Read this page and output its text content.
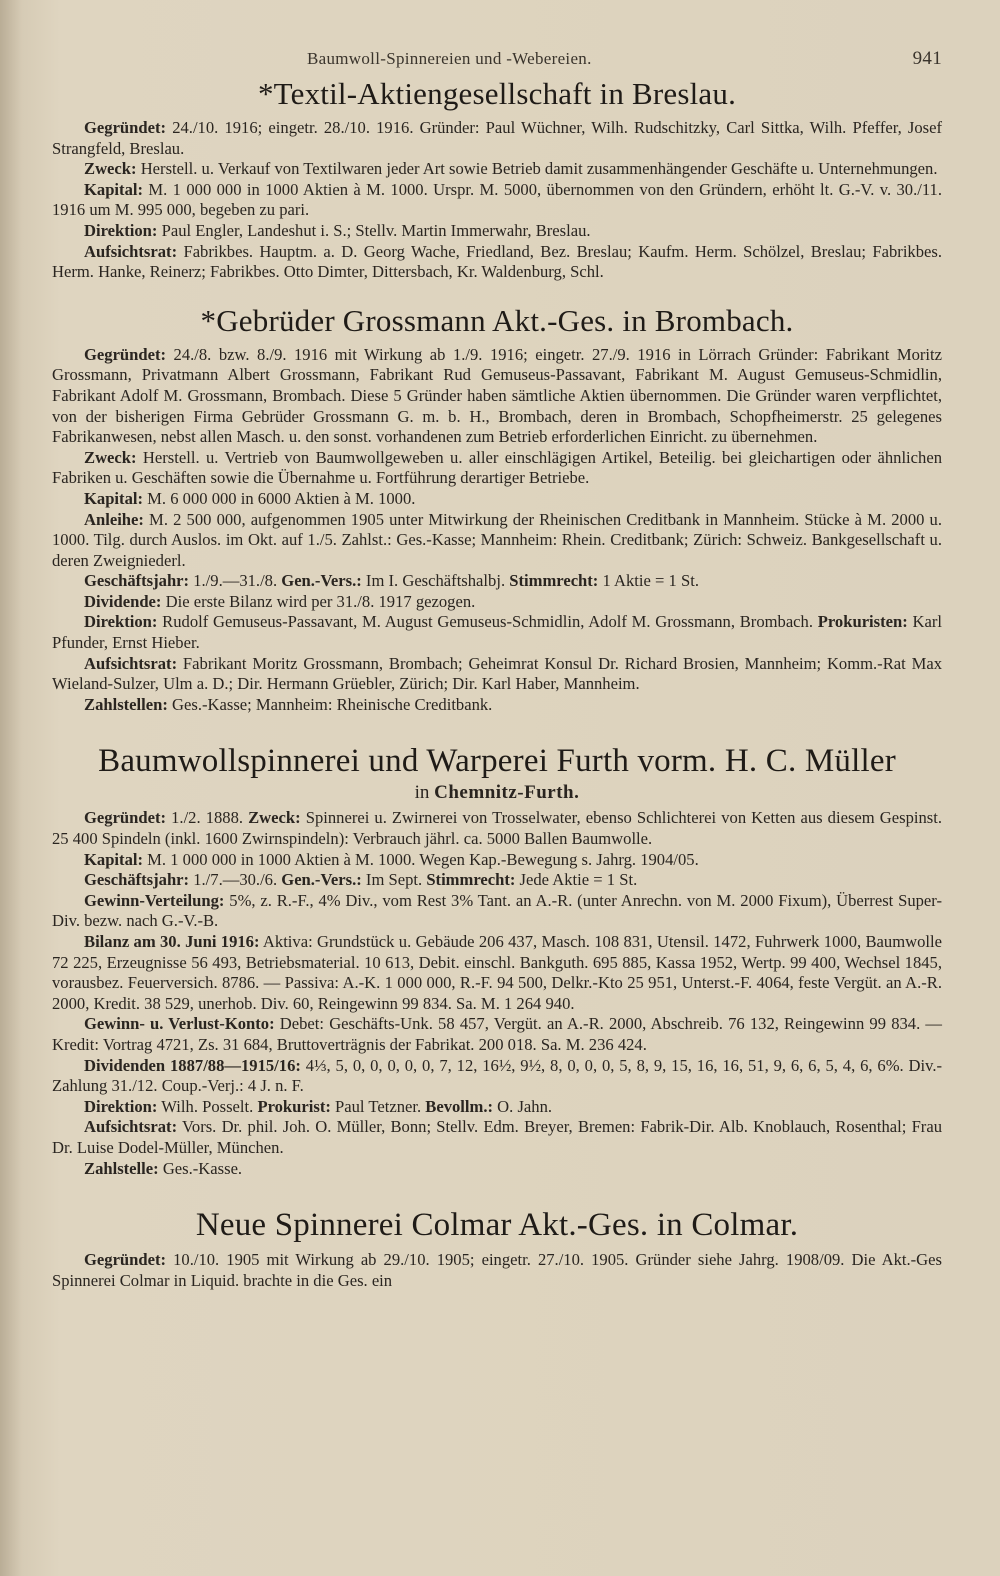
Baumwoll-Spinnereien und -Webereien.	941
*Textil-Aktiengesellschaft in Breslau.

Gegründet: 24./10. 1916; eingetr. 28./10. 1916. Gründer: Paul Wüchner, Wilh. Rudschitzky, Carl Sittka, Wilh. Pfeffer, Josef Strangfeld, Breslau.

Zweck: Herstell. u. Verkauf von Textilwaren jeder Art sowie Betrieb damit zusammenhängender Geschäfte u. Unternehmungen.

Kapital: M. 1 000 000 in 1000 Aktien à M. 1000. Urspr. M. 5000, übernommen von den Gründern, erhöht lt. G.-V. v. 30./11. 1916 um M. 995 000, begeben zu pari.

Direktion: Paul Engler, Landeshut i. S.; Stellv. Martin Immerwahr, Breslau.

Aufsichtsrat: Fabrikbes. Hauptm. a. D. Georg Wache, Friedland, Bez. Breslau; Kaufm. Herm. Schölzel, Breslau; Fabrikbes. Herm. Hanke, Reinerz; Fabrikbes. Otto Dimter, Dittersbach, Kr. Waldenburg, Schl.

*Gebrüder Grossmann Akt.-Ges. in Brombach.

Gegründet: 24./8. bzw. 8./9. 1916 mit Wirkung ab 1./9. 1916; eingetr. 27./9. 1916 in Lörrach Gründer: Fabrikant Moritz Grossmann, Privatmann Albert Grossmann, Fabrikant Rud Gemuseus-Passavant, Fabrikant M. August Gemuseus-Schmidlin, Fabrikant Adolf M. Grossmann, Brombach. Diese 5 Gründer haben sämtliche Aktien übernommen. Die Gründer waren verpflichtet, von der bisherigen Firma Gebrüder Grossmann G. m. b. H., Brombach, deren in Brombach, Schopfheimerstr. 25 gelegenes Fabrikanwesen, nebst allen Masch. u. den sonst. vorhandenen zum Betrieb erforderlichen Einricht. zu übernehmen.

Zweck: Herstell. u. Vertrieb von Baumwollgeweben u. aller einschlägigen Artikel, Beteilig. bei gleichartigen oder ähnlichen Fabriken u. Geschäften sowie die Übernahme u. Fortführung derartiger Betriebe.

Kapital: M. 6 000 000 in 6000 Aktien à M. 1000.

Anleihe: M. 2 500 000, aufgenommen 1905 unter Mitwirkung der Rheinischen Creditbank in Mannheim. Stücke à M. 2000 u. 1000. Tilg. durch Auslos. im Okt. auf 1./5. Zahlst.: Ges.-Kasse; Mannheim: Rhein. Creditbank; Zürich: Schweiz. Bankgesellschaft u. deren Zweigniederl.

Geschäftsjahr: 1./9.—31./8. Gen.-Vers.: Im I. Geschäftshalbj. Stimmrecht: 1 Aktie = 1 St.

Dividende: Die erste Bilanz wird per 31./8. 1917 gezogen.

Direktion: Rudolf Gemuseus-Passavant, M. August Gemuseus-Schmidlin, Adolf M. Grossmann, Brombach. Prokuristen: Karl Pfunder, Ernst Hieber.

Aufsichtsrat: Fabrikant Moritz Grossmann, Brombach; Geheimrat Konsul Dr. Richard Brosien, Mannheim; Komm.-Rat Max Wieland-Sulzer, Ulm a. D.; Dir. Hermann Grüebler, Zürich; Dir. Karl Haber, Mannheim.

Zahlstellen: Ges.-Kasse; Mannheim: Rheinische Creditbank.

Baumwollspinnerei und Warperei Furth vorm. H. C. Müller
in Chemnitz-Furth.

Gegründet: 1./2. 1888. Zweck: Spinnerei u. Zwirnerei von Trosselwater, ebenso Schlichterei von Ketten aus diesem Gespinst. 25 400 Spindeln (inkl. 1600 Zwirnspindeln): Verbrauch jährl. ca. 5000 Ballen Baumwolle.

Kapital: M. 1 000 000 in 1000 Aktien à M. 1000. Wegen Kap.-Bewegung s. Jahrg. 1904/05.

Geschäftsjahr: 1./7.—30./6. Gen.-Vers.: Im Sept. Stimmrecht: Jede Aktie = 1 St.

Gewinn-Verteilung: 5%, z. R.-F., 4% Div., vom Rest 3% Tant. an A.-R. (unter Anrechn. von M. 2000 Fixum), Überrest Super-Div. bezw. nach G.-V.-B.

Bilanz am 30. Juni 1916: Aktiva: Grundstück u. Gebäude 206 437, Masch. 108 831, Utensil. 1472, Fuhrwerk 1000, Baumwolle 72 225, Erzeugnisse 56 493, Betriebsmaterial. 10 613, Debit. einschl. Bankguth. 695 885, Kassa 1952, Wertp. 99 400, Wechsel 1845, vorausbez. Feuerversich. 8786. — Passiva: A.-K. 1 000 000, R.-F. 94 500, Delkr.-Kto 25 951, Unterst.-F. 4064, feste Vergüt. an A.-R. 2000, Kredit. 38 529, unerhob. Div. 60, Reingewinn 99 834. Sa. M. 1 264 940.

Gewinn- u. Verlust-Konto: Debet: Geschäfts-Unk. 58 457, Vergüt. an A.-R. 2000, Abschreib. 76 132, Reingewinn 99 834. — Kredit: Vortrag 4721, Zs. 31 684, Bruttoverträgnis der Fabrikat. 200 018. Sa. M. 236 424.

Dividenden 1887/88—1915/16: 4⅓, 5, 0, 0, 0, 0, 0, 7, 12, 16½, 9½, 8, 0, 0, 0, 5, 8, 9, 15, 16, 16, 51, 9, 6, 6, 5, 4, 6, 6%. Div.-Zahlung 31./12. Coup.-Verj.: 4 J. n. F.

Direktion: Wilh. Posselt. Prokurist: Paul Tetzner. Bevollm.: O. Jahn.

Aufsichtsrat: Vors. Dr. phil. Joh. O. Müller, Bonn; Stellv. Edm. Breyer, Bremen: Fabrik-Dir. Alb. Knoblauch, Rosenthal; Frau Dr. Luise Dodel-Müller, München.

Zahlstelle: Ges.-Kasse.

Neue Spinnerei Colmar Akt.-Ges. in Colmar.

Gegründet: 10./10. 1905 mit Wirkung ab 29./10. 1905; eingetr. 27./10. 1905. Gründer siehe Jahrg. 1908/09. Die Akt.-Ges Spinnerei Colmar in Liquid. brachte in die Ges. ein
